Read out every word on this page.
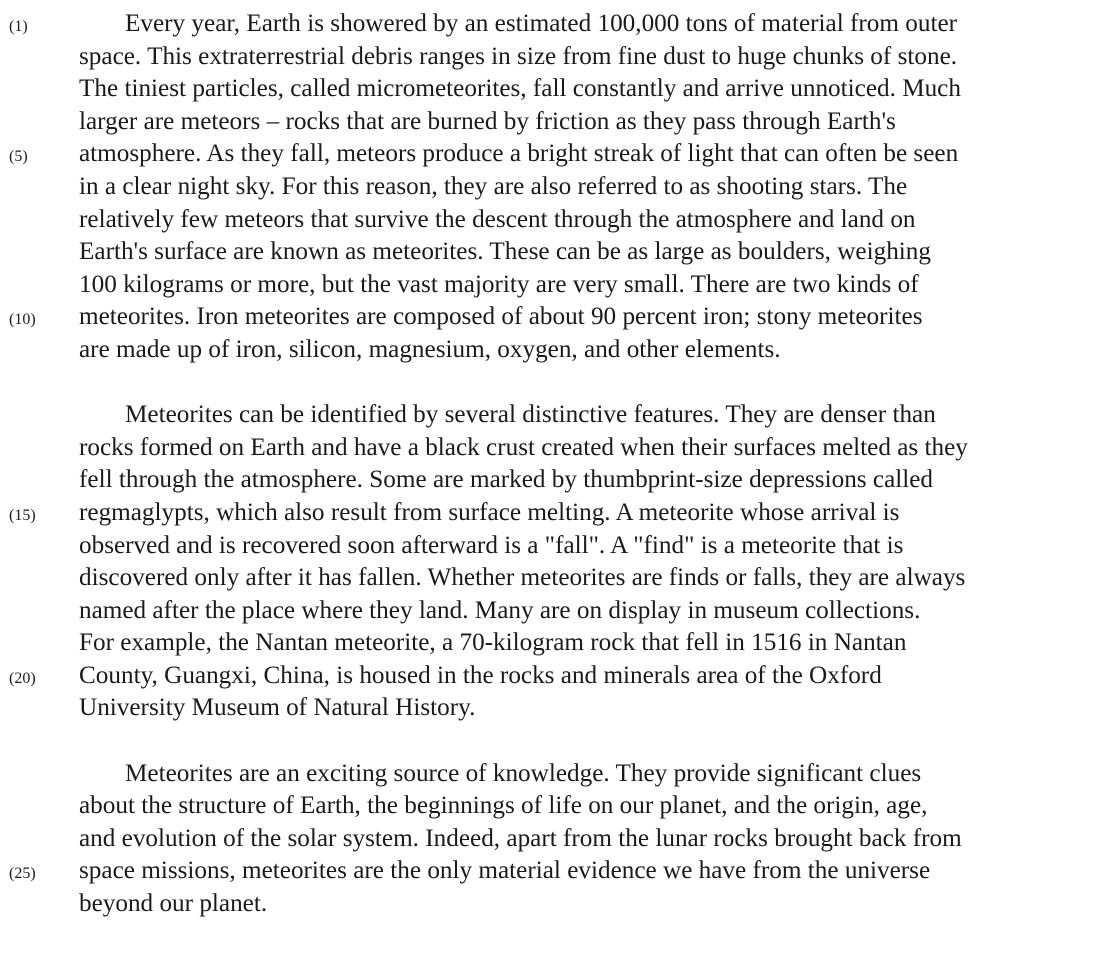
(1)	Every year, Earth is showered by an estimated 100,000 tons of material from outer
space. This extraterrestrial debris ranges in size from fine dust to huge chunks of stone.
The tiniest particles, called micrometeorites, fall constantly and arrive unnoticed. Much
larger are meteors – rocks that are burned by friction as they pass through Earth's
(5) atmosphere. As they fall, meteors produce a bright streak of light that can often be seen
in a clear night sky. For this reason, they are also referred to as shooting stars. The
relatively few meteors that survive the descent through the atmosphere and land on
Earth's surface are known as meteorites. These can be as large as boulders, weighing
100 kilograms or more, but the vast majority are very small. There are two kinds of
(10) meteorites. Iron meteorites are composed of about 90 percent iron; stony meteorites
are made up of iron, silicon, magnesium, oxygen, and other elements.
Meteorites can be identified by several distinctive features. They are denser than
rocks formed on Earth and have a black crust created when their surfaces melted as they
fell through the atmosphere. Some are marked by thumbprint-size depressions called
(15) regmaglypts, which also result from surface melting. A meteorite whose arrival is
observed and is recovered soon afterward is a "fall". A "find" is a meteorite that is
discovered only after it has fallen. Whether meteorites are finds or falls, they are always
named after the place where they land. Many are on display in museum collections.
For example, the Nantan meteorite, a 70-kilogram rock that fell in 1516 in Nantan
(20) County, Guangxi, China, is housed in the rocks and minerals area of the Oxford
University Museum of Natural History.
Meteorites are an exciting source of knowledge. They provide significant clues
about the structure of Earth, the beginnings of life on our planet, and the origin, age,
and evolution of the solar system. Indeed, apart from the lunar rocks brought back from
(25) space missions, meteorites are the only material evidence we have from the universe
beyond our planet.
